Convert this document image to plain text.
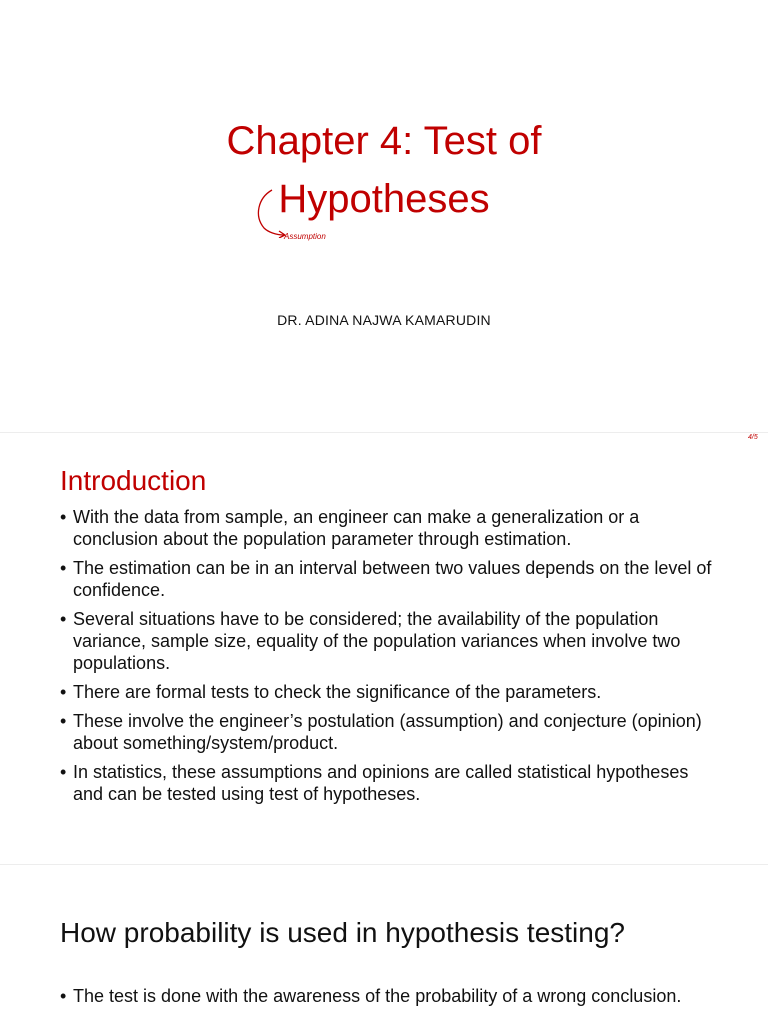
Chapter 4: Test of
Hypotheses
Assumption
DR. ADINA NAJWA KAMARUDIN
Introduction
• With the data from sample, an engineer can make a generalization or a conclusion about the population parameter through estimation.
• The estimation can be in an interval between two values depends on the level of confidence.
• Several situations have to be considered; the availability of the population variance, sample size, equality of the population variances when involve two populations.
• There are formal tests to check the significance of the parameters.
• These involve the engineer’s postulation (assumption) and conjecture (opinion) about something/system/product.
• In statistics, these assumptions and opinions are called statistical hypotheses and can be tested using test of hypotheses.
4/5
How probability is used in hypothesis testing?
• The test is done with the awareness of the probability of a wrong conclusion.
